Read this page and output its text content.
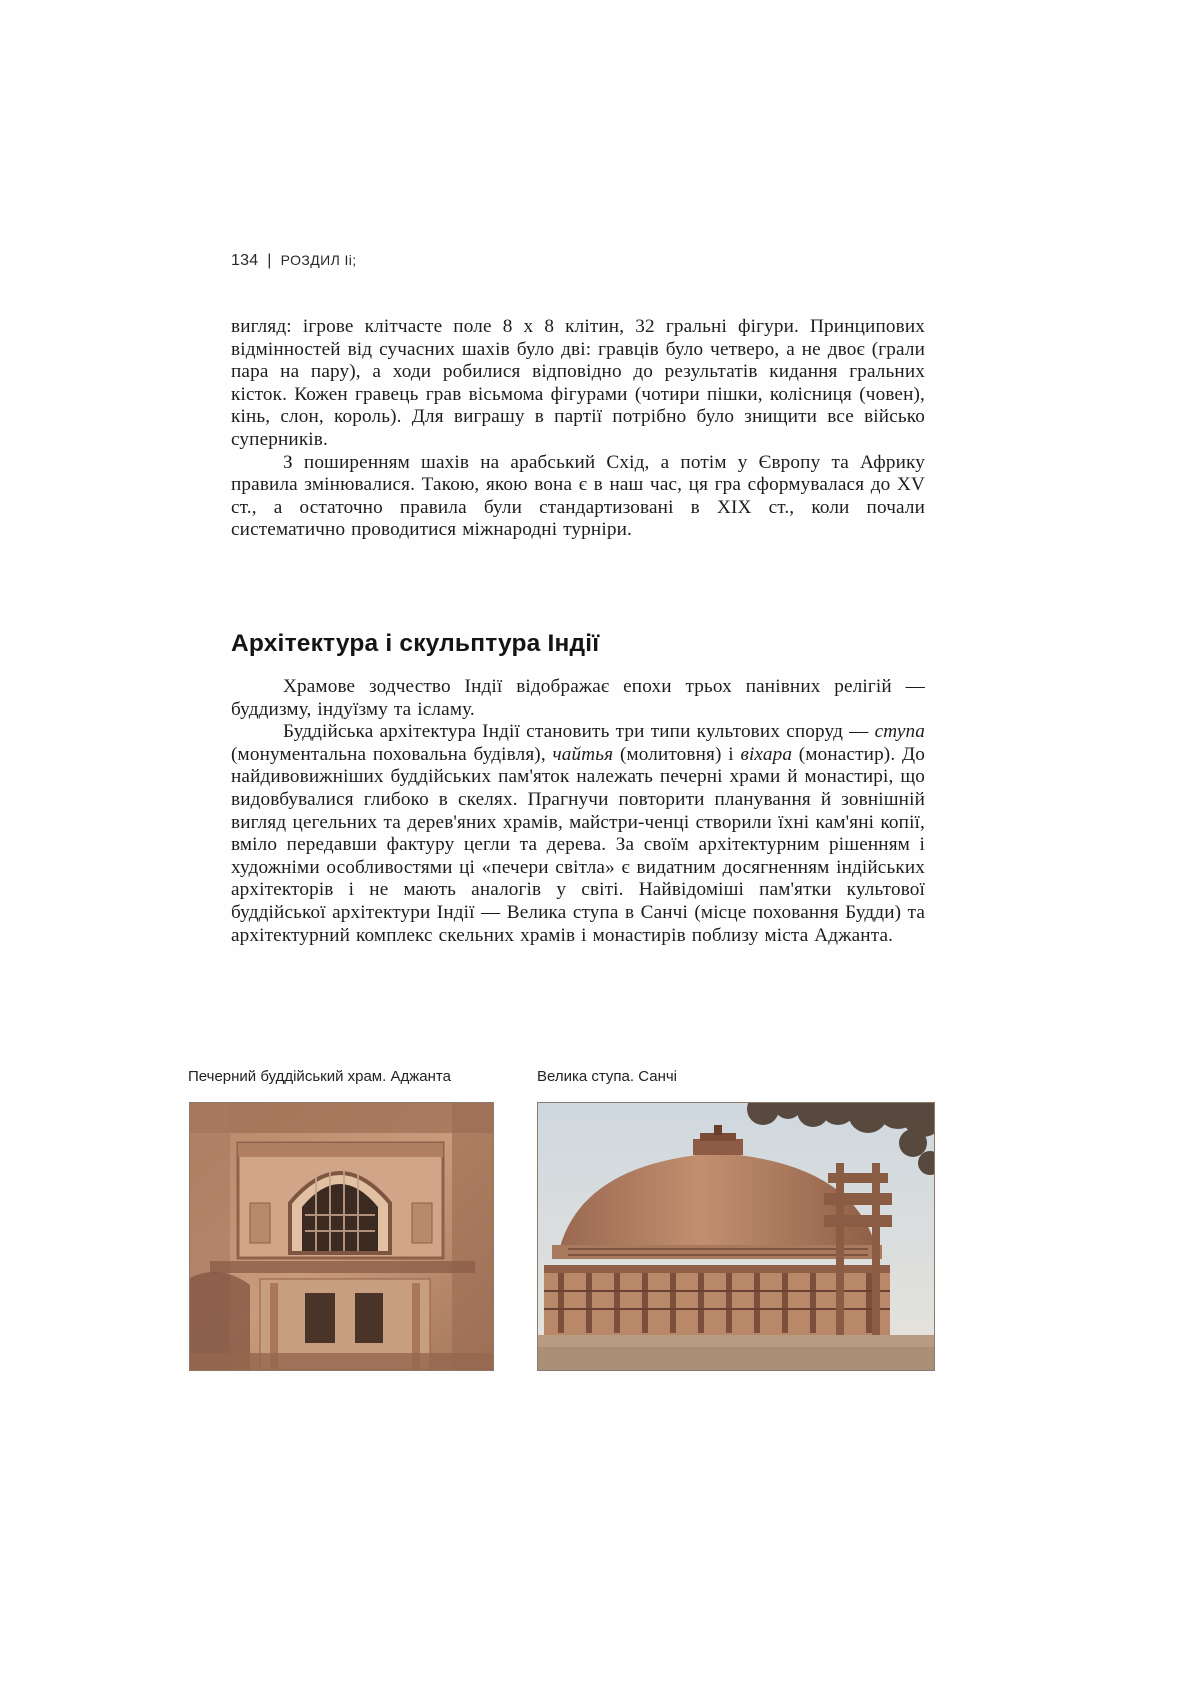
134 | РОЗДИЛ Ii;

вигляд: ігрове клітчасте поле 8 х 8 клітин, 32 гральні фігури. Принципових відмінностей від сучасних шахів було дві: гравців було четверо, а не двоє (грали пара на пару), а ходи робилися відповідно до результатів кидання гральних кісток. Кожен гравець грав вісьмома фігурами (чотири пішки, колісниця (човен), кінь, слон, король). Для виграшу в партії потрібно було знищити все військо суперників.

З поширенням шахів на арабський Схід, а потім у Європу та Африку правила змінювалися. Такою, якою вона є в наш час, ця гра сформувалася до XV ст., а остаточно правила були стандартизовані в XIX ст., коли почали систематично проводитися міжнародні турніри.

Архітектура і скульптура Індії

Храмове зодчество Індії відображає епохи трьох панівних релігій — буддизму, індуїзму та ісламу.

Буддійська архітектура Індії становить три типи культових споруд — ступа (монументальна поховальна будівля), чайтья (молитовня) і віхара (монастир). До найдивовижніших буддійських пам'яток належать печерні храми й монастирі, що видовбувалися глибоко в скелях. Прагнучи повторити планування й зовнішній вигляд цегельних та дерев'яних храмів, майстри-ченці створили їхні кам'яні копії, вміло передавши фактуру цегли та дерева. За своїм архітектурним рішенням і художніми особливостями ці «печери світла» є видатним досягненням індійських архітекторів і не мають аналогів у світі. Найвідоміші пам'ятки культової буддійської архітектури Індії — Велика ступа в Санчі (місце поховання Будди) та архітектурний комплекс скельних храмів і монастирів поблизу міста Аджанта.

Печерний буддійський храм. Аджанта	Велика ступа. Санчі
